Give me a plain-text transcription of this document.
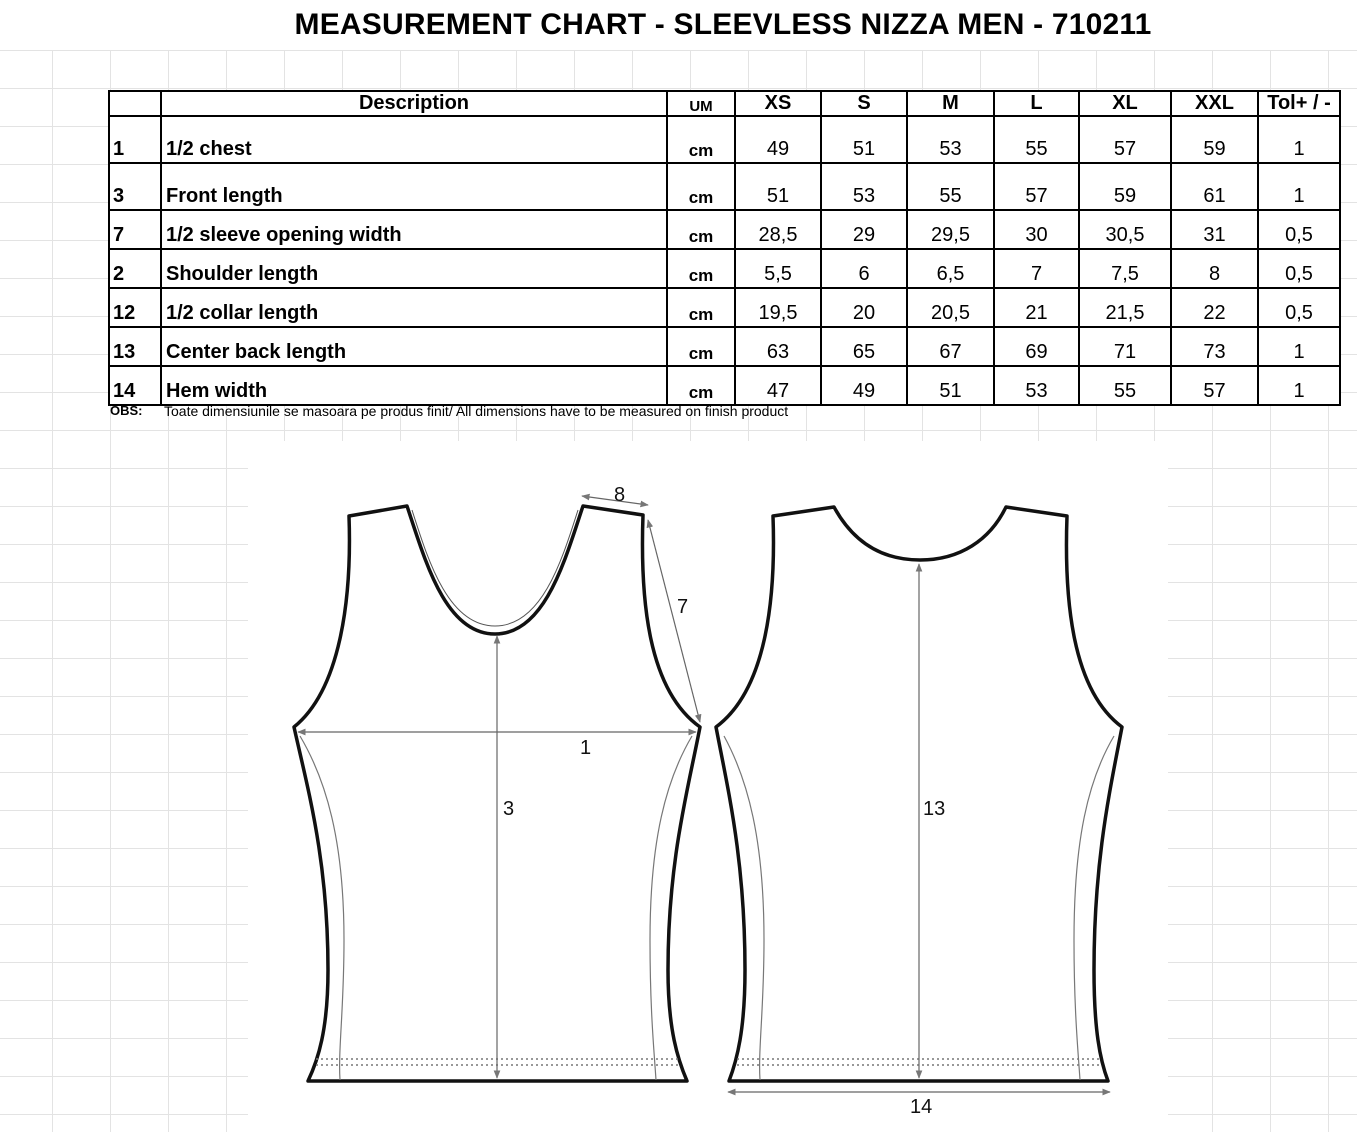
MEASUREMENT CHART - SLEEVLESS NIZZA MEN - 710211
	Description	UM	XS	S	M	L	XL	XXL	Tol+ / -
1	1/2 chest	cm	49	51	53	55	57	59	1
3	Front length	cm	51	53	55	57	59	61	1
7	1/2 sleeve opening width	cm	28,5	29	29,5	30	30,5	31	0,5
2	Shoulder length	cm	5,5	6	6,5	7	7,5	8	0,5
12	1/2 collar length	cm	19,5	20	20,5	21	21,5	22	0,5
13	Center back length	cm	63	65	67	69	71	73	1
14	Hem width	cm	47	49	51	53	55	57	1
OBS: Toate dimensiunile se masoara pe produs finit/ All dimensions have to be measured on finish product
8
7
1
3	13
14
